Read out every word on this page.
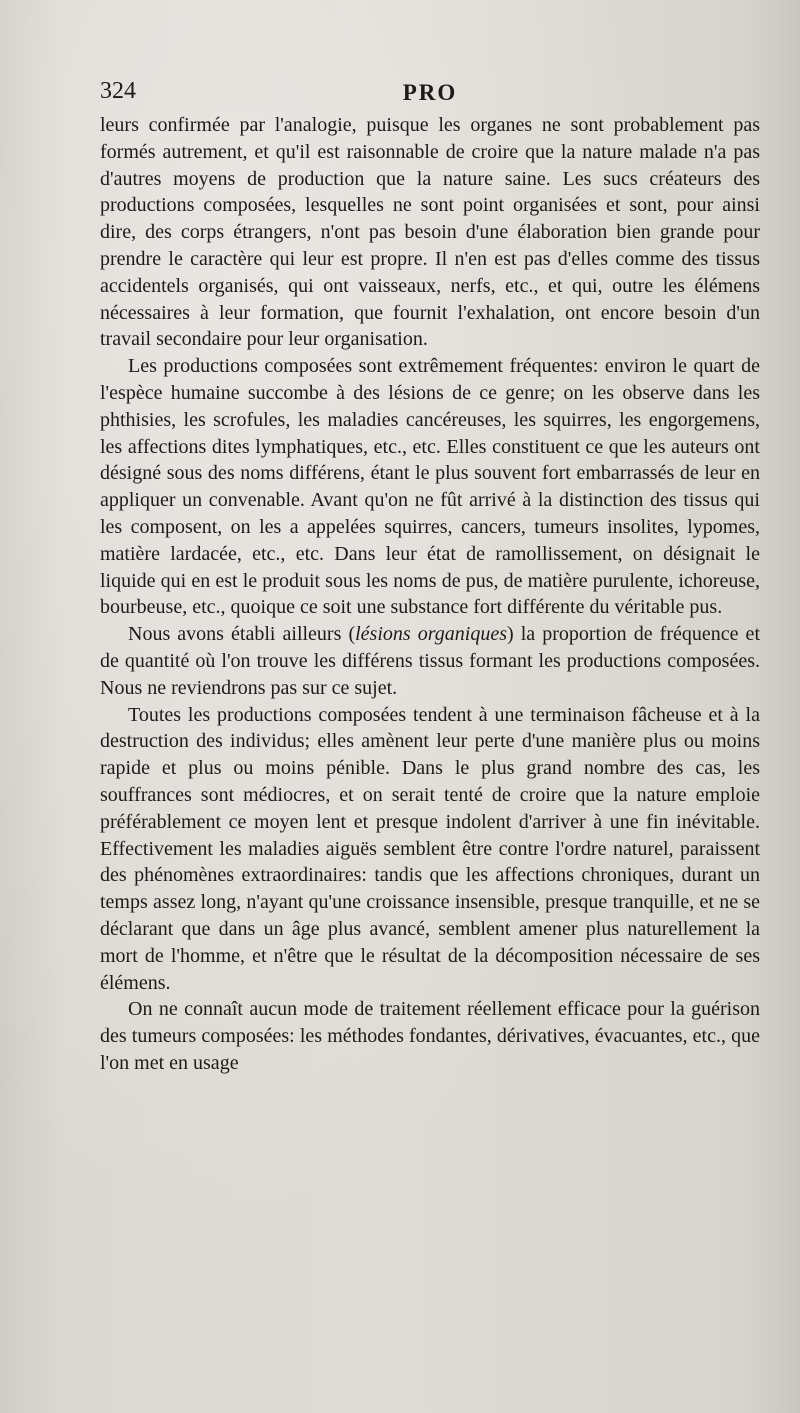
324	PRO

leurs confirmée par l'analogie, puisque les organes ne sont probablement pas formés autrement, et qu'il est raisonnable de croire que la nature malade n'a pas d'autres moyens de production que la nature saine. Les sucs créateurs des productions composées, lesquelles ne sont point organisées et sont, pour ainsi dire, des corps étrangers, n'ont pas besoin d'une élaboration bien grande pour prendre le caractère qui leur est propre. Il n'en est pas d'elles comme des tissus accidentels organisés, qui ont vaisseaux, nerfs, etc., et qui, outre les élémens nécessaires à leur formation, que fournit l'exhalation, ont encore besoin d'un travail secondaire pour leur organisation.

Les productions composées sont extrêmement fréquentes: environ le quart de l'espèce humaine succombe à des lésions de ce genre; on les observe dans les phthisies, les scrofules, les maladies cancéreuses, les squirres, les engorgemens, les affections dites lymphatiques, etc., etc. Elles constituent ce que les auteurs ont désigné sous des noms différens, étant le plus souvent fort embarrassés de leur en appliquer un convenable. Avant qu'on ne fût arrivé à la distinction des tissus qui les composent, on les a appelées squirres, cancers, tumeurs insolites, lypomes, matière lardacée, etc., etc. Dans leur état de ramollissement, on désignait le liquide qui en est le produit sous les noms de pus, de matière purulente, ichoreuse, bourbeuse, etc., quoique ce soit une substance fort différente du véritable pus.

Nous avons établi ailleurs (lésions organiques) la proportion de fréquence et de quantité où l'on trouve les différens tissus formant les productions composées. Nous ne reviendrons pas sur ce sujet.

Toutes les productions composées tendent à une terminaison fâcheuse et à la destruction des individus; elles amènent leur perte d'une manière plus ou moins rapide et plus ou moins pénible. Dans le plus grand nombre des cas, les souffrances sont médiocres, et on serait tenté de croire que la nature emploie préférablement ce moyen lent et presque indolent d'arriver à une fin inévitable. Effectivement les maladies aiguës semblent être contre l'ordre naturel, paraissent des phénomènes extraordinaires: tandis que les affections chroniques, durant un temps assez long, n'ayant qu'une croissance insensible, presque tranquille, et ne se déclarant que dans un âge plus avancé, semblent amener plus naturellement la mort de l'homme, et n'être que le résultat de la décomposition nécessaire de ses élémens.

On ne connaît aucun mode de traitement réellement efficace pour la guérison des tumeurs composées: les méthodes fondantes, dérivatives, évacuantes, etc., que l'on met en usage
